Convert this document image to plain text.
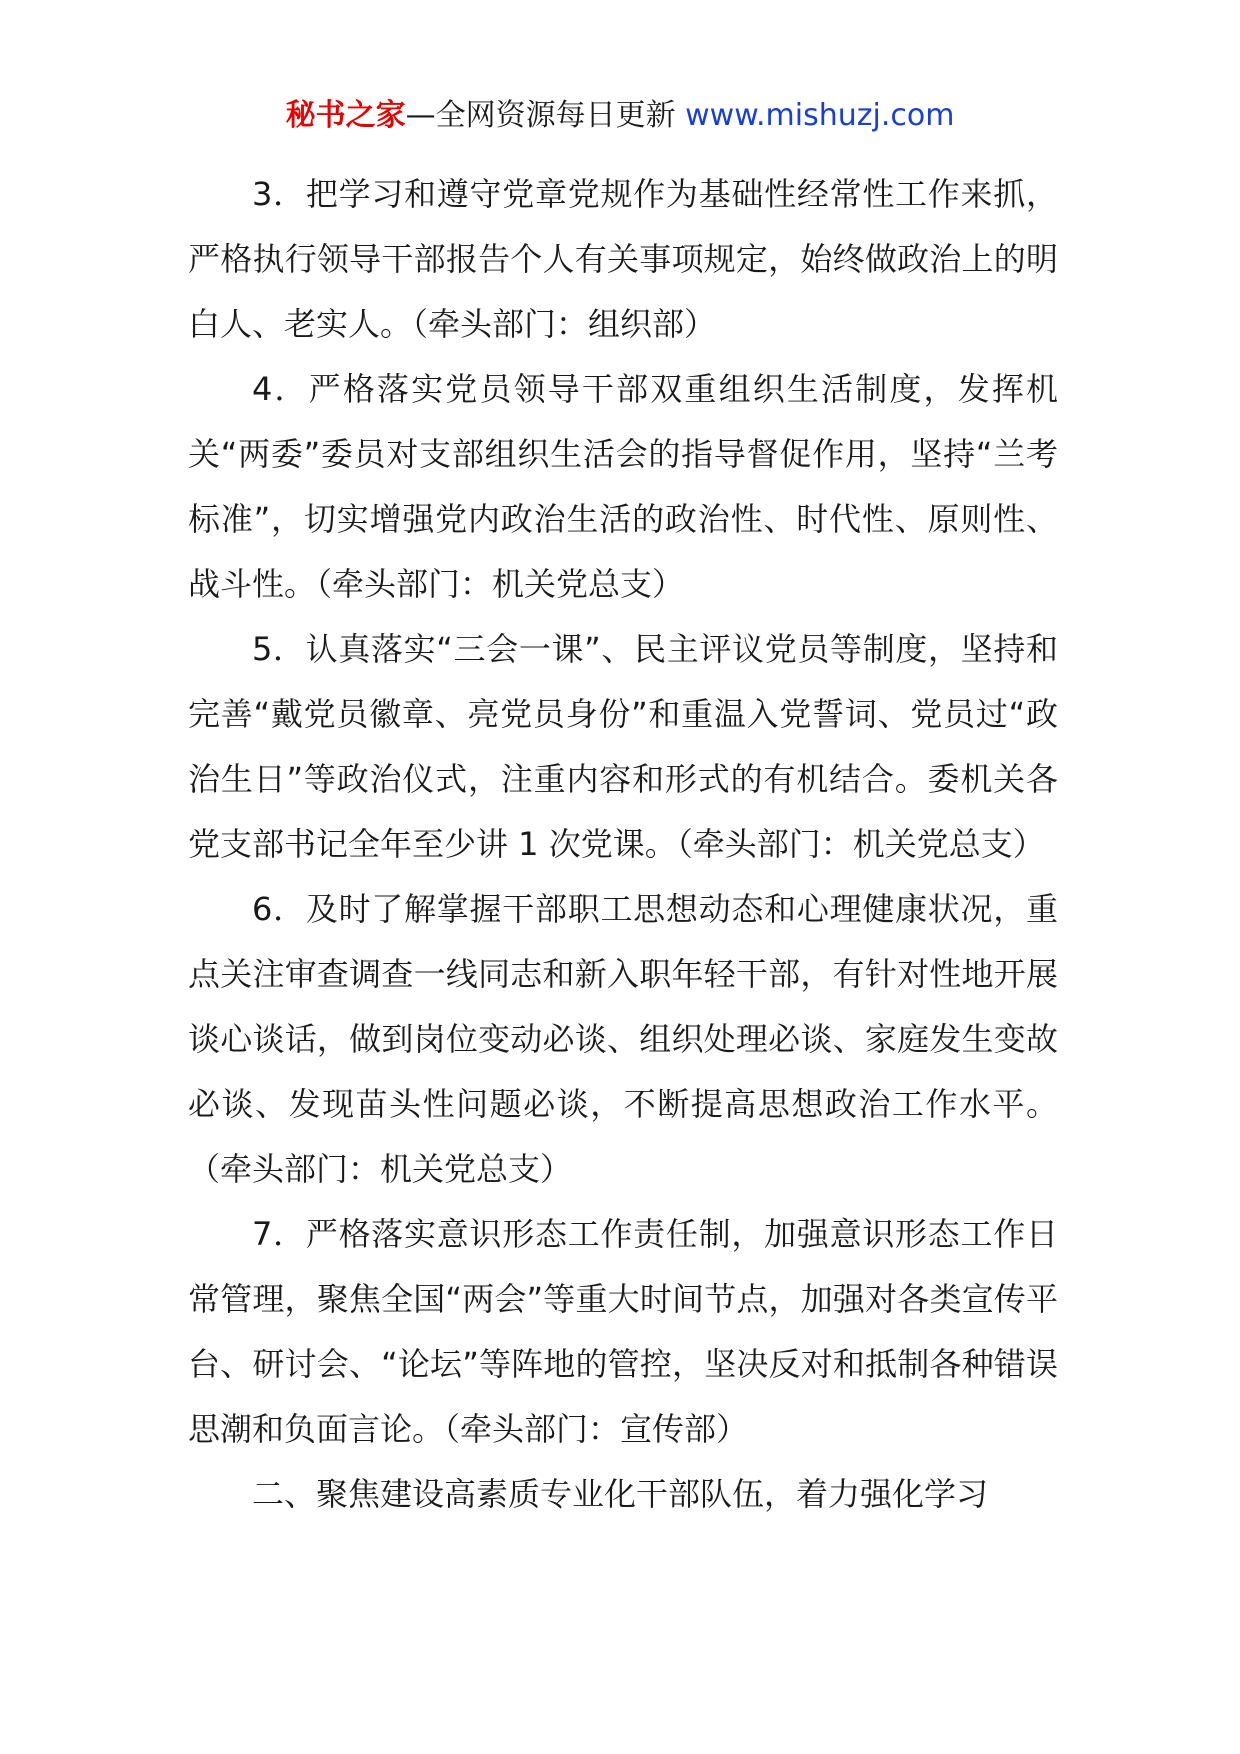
秘书之家—全网资源每日更新 www.mishuzj.com

3．把学习和遵守党章党规作为基础性经常性工作来抓，严格执行领导干部报告个人有关事项规定，始终做政治上的明白人、老实人。（牵头部门：组织部）

4．严格落实党员领导干部双重组织生活制度，发挥机关“两委”委员对支部组织生活会的指导督促作用，坚持“兰考标准”，切实增强党内政治生活的政治性、时代性、原则性、战斗性。（牵头部门：机关党总支）

5．认真落实“三会一课”、民主评议党员等制度，坚持和完善“戴党员徽章、亮党员身份”和重温入党誓词、党员过“政治生日”等政治仪式，注重内容和形式的有机结合。委机关各党支部书记全年至少讲 1 次党课。（牵头部门：机关党总支）

6．及时了解掌握干部职工思想动态和心理健康状况，重点关注审查调查一线同志和新入职年轻干部，有针对性地开展谈心谈话，做到岗位变动必谈、组织处理必谈、家庭发生变故必谈、发现苗头性问题必谈，不断提高思想政治工作水平。（牵头部门：机关党总支）

7．严格落实意识形态工作责任制，加强意识形态工作日常管理，聚焦全国“两会”等重大时间节点，加强对各类宣传平台、研讨会、“论坛”等阵地的管控，坚决反对和抵制各种错误思潮和负面言论。（牵头部门：宣传部）

二、聚焦建设高素质专业化干部队伍，着力强化学习
